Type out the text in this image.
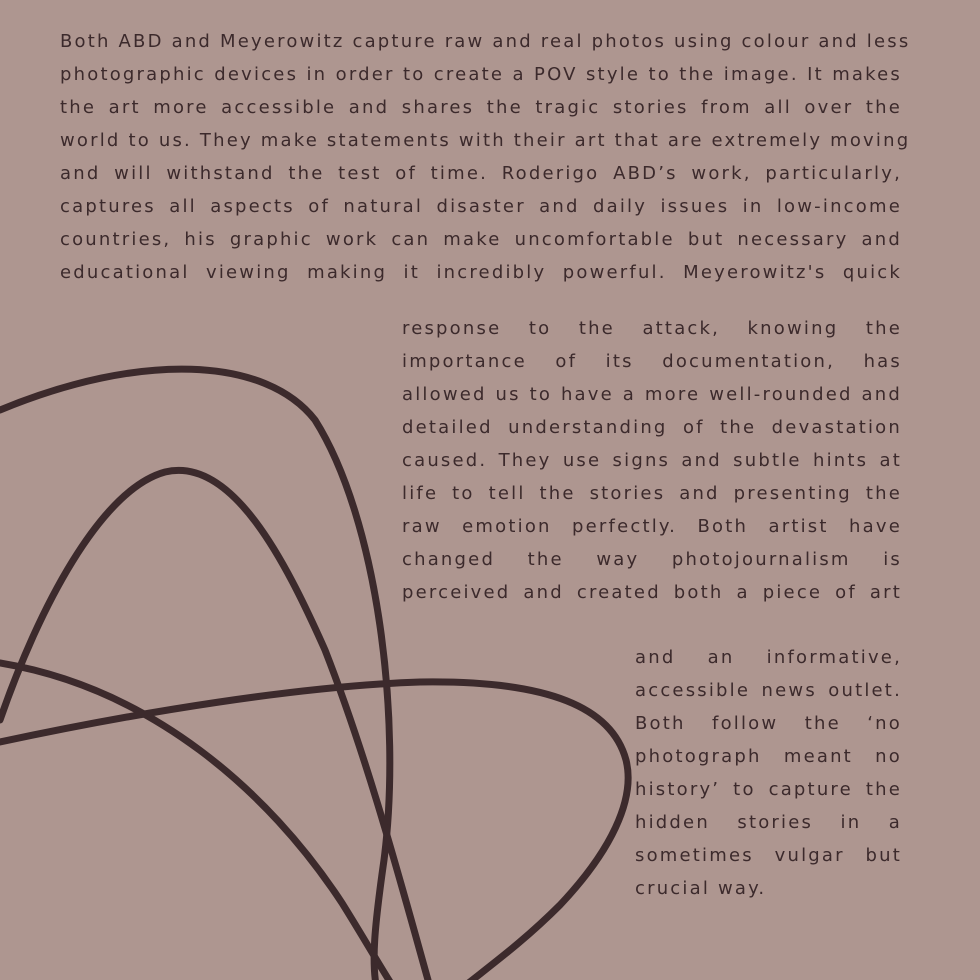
Both ABD and Meyerowitz capture raw and real photos using colour and less
photographic devices in order to create a POV style to the image. It makes
the art more accessible and shares the tragic stories from all over the
world to us. They make statements with their art that are extremely moving
and will withstand the test of time. Roderigo ABD’s work, particularly,
captures all aspects of natural disaster and daily issues in low-income
countries, his graphic work can make uncomfortable but necessary and
educational viewing making it incredibly powerful. Meyerowitz's quick
response to the attack, knowing the
importance of its documentation, has
allowed us to have a more well-rounded and
detailed understanding of the devastation
caused. They use signs and subtle hints at
life to tell the stories and presenting the
raw emotion perfectly. Both artist have
changed the way photojournalism is
perceived and created both a piece of art
and an informative,
accessible news outlet.
Both follow the ‘no
photograph meant no
history’ to capture the
hidden stories in a
sometimes vulgar but
crucial way.
